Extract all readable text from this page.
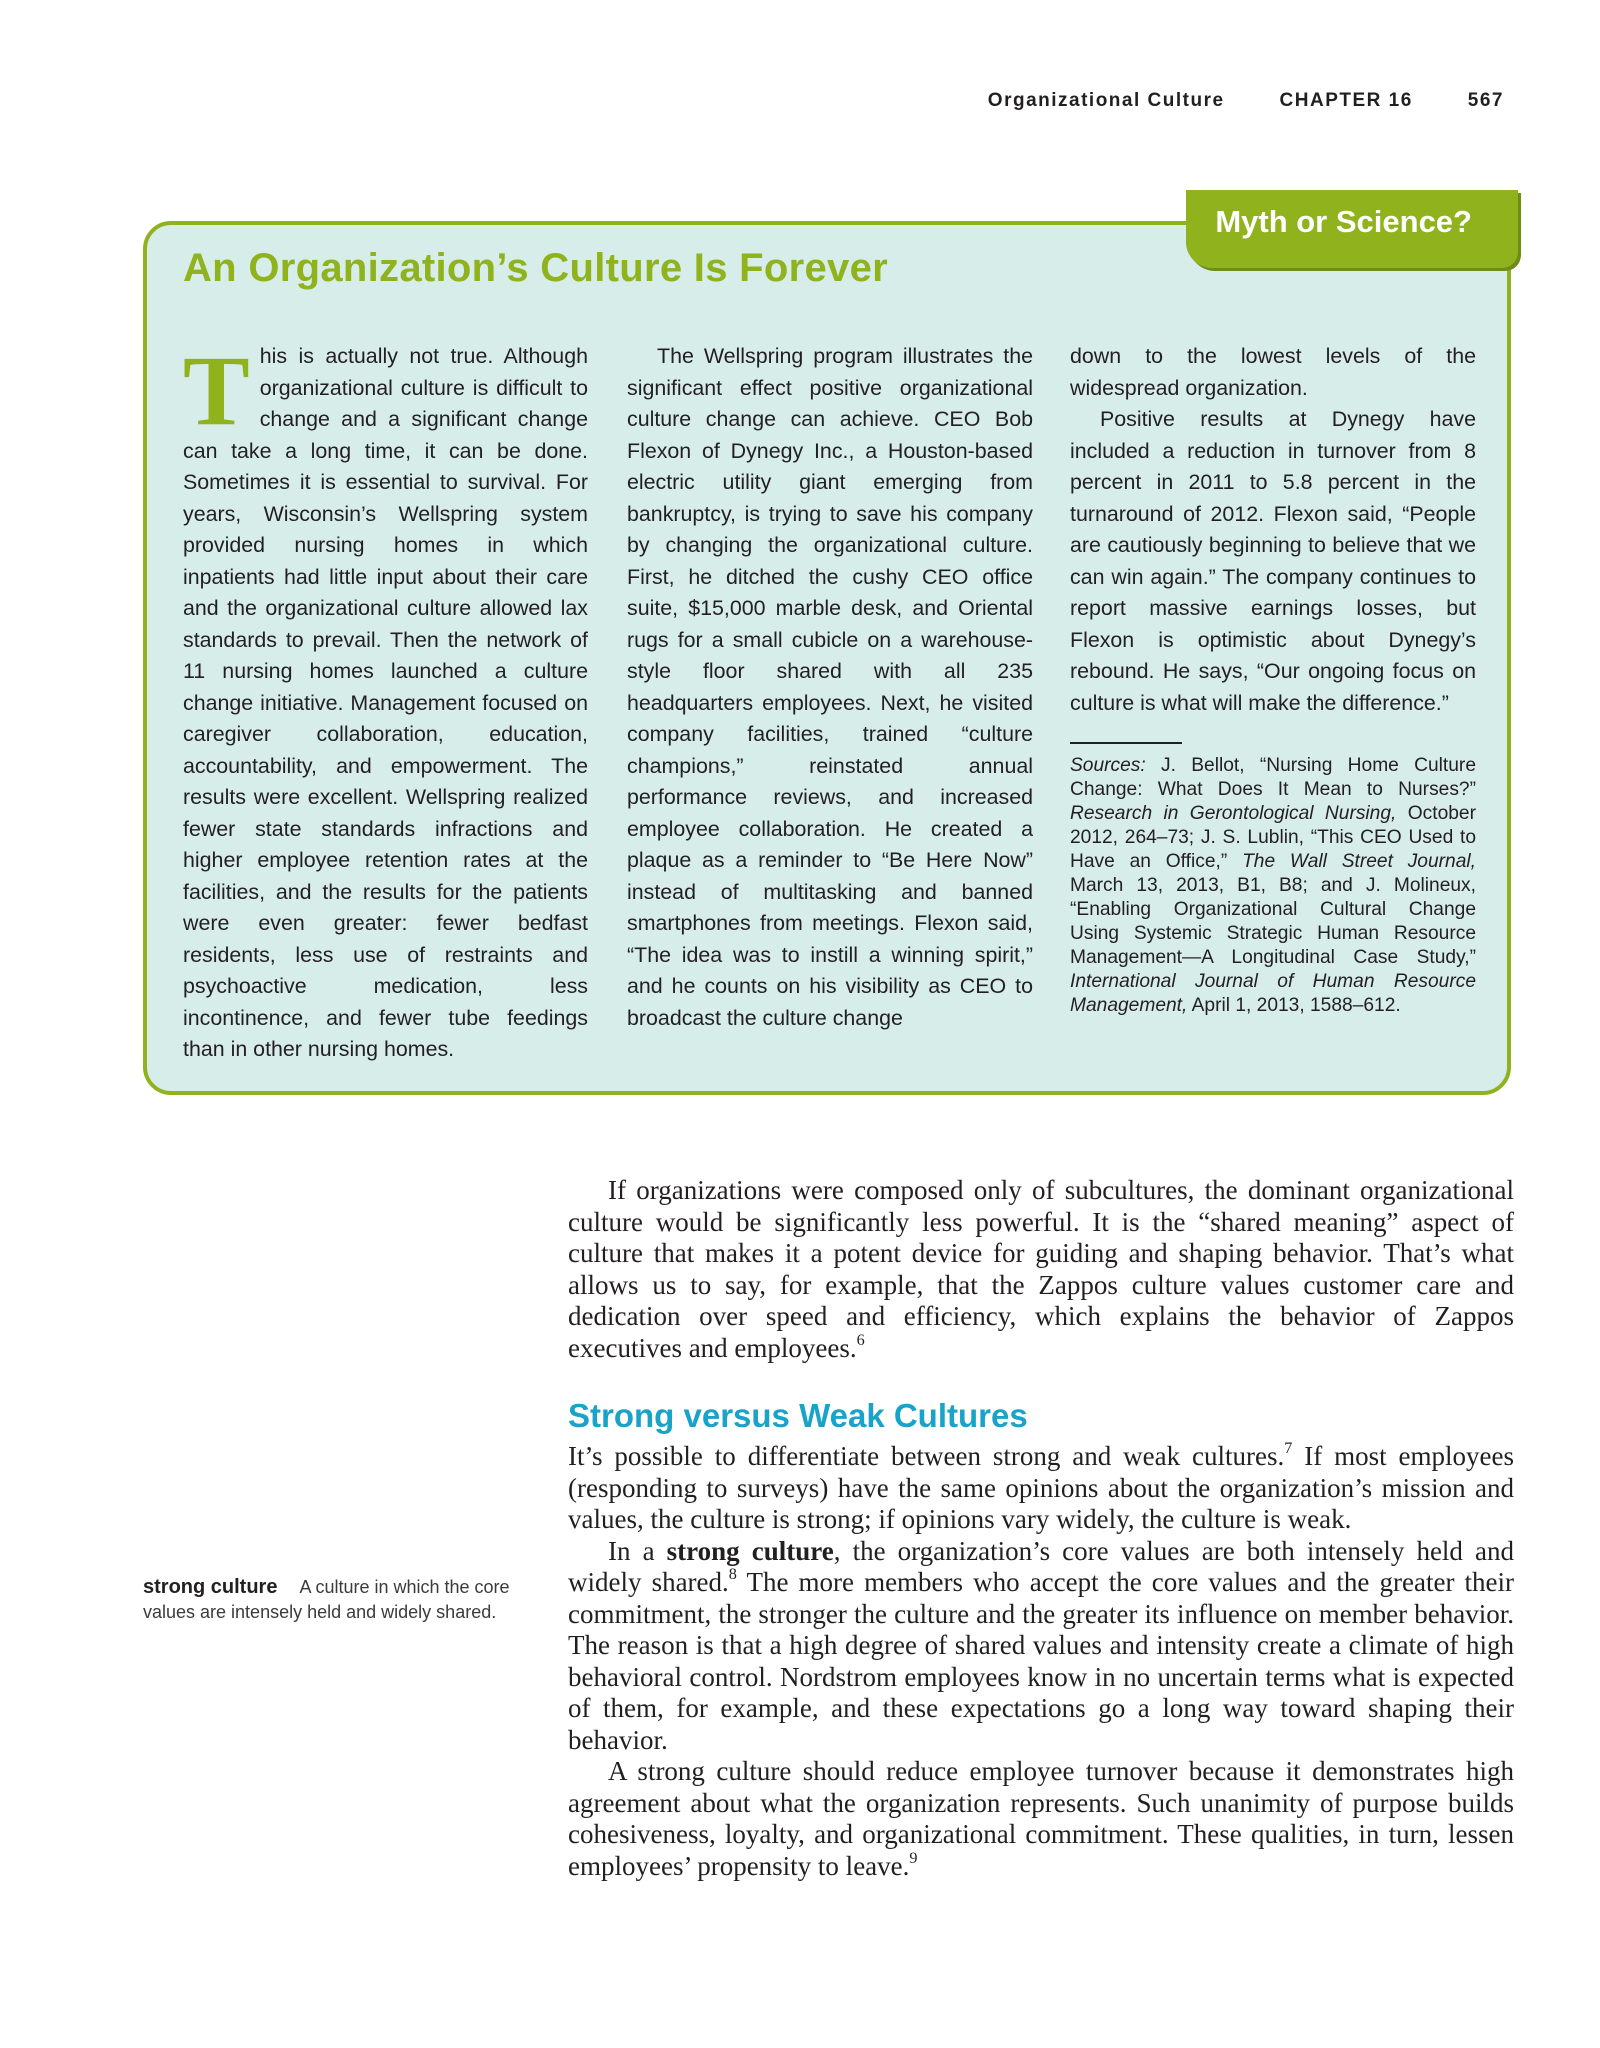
Organizational Culture	CHAPTER 16	567
Myth or Science?
An Organization’s Culture Is Forever

This is actually not true. Although organizational culture is difficult to change and a significant change can take a long time, it can be done. Sometimes it is essential to survival. For years, Wisconsin’s Wellspring system provided nursing homes in which inpatients had little input about their care and the organizational culture allowed lax standards to prevail. Then the network of 11 nursing homes launched a culture change initiative. Management focused on caregiver collaboration, education, accountability, and empowerment. The results were excellent. Wellspring realized fewer state standards infractions and higher employee retention rates at the facilities, and the results for the patients were even greater: fewer bedfast residents, less use of restraints and psychoactive medication, less incontinence, and fewer tube feedings than in other nursing homes.

The Wellspring program illustrates the significant effect positive organizational culture change can achieve. CEO Bob Flexon of Dynegy Inc., a Houston-based electric utility giant emerging from bankruptcy, is trying to save his company by changing the organizational culture. First, he ditched the cushy CEO office suite, $15,000 marble desk, and Oriental rugs for a small cubicle on a warehouse-style floor shared with all 235 headquarters employees. Next, he visited company facilities, trained “culture champions,” reinstated annual performance reviews, and increased employee collaboration. He created a plaque as a reminder to “Be Here Now” instead of multitasking and banned smartphones from meetings. Flexon said, “The idea was to instill a winning spirit,” and he counts on his visibility as CEO to broadcast the culture change

down to the lowest levels of the widespread organization.

Positive results at Dynegy have included a reduction in turnover from 8 percent in 2011 to 5.8 percent in the turnaround of 2012. Flexon said, “People are cautiously beginning to believe that we can win again.” The company continues to report massive earnings losses, but Flexon is optimistic about Dynegy’s rebound. He says, “Our ongoing focus on culture is what will make the difference.”

Sources: J. Bellot, “Nursing Home Culture Change: What Does It Mean to Nurses?” Research in Gerontological Nursing, October 2012, 264–73; J. S. Lublin, “This CEO Used to Have an Office,” The Wall Street Journal, March 13, 2013, B1, B8; and J. Molineux, “Enabling Organizational Cultural Change Using Systemic Strategic Human Resource Management—A Longitudinal Case Study,” International Journal of Human Resource Management, April 1, 2013, 1588–612.

If organizations were composed only of subcultures, the dominant organizational culture would be significantly less powerful. It is the “shared meaning” aspect of culture that makes it a potent device for guiding and shaping behavior. That’s what allows us to say, for example, that the Zappos culture values customer care and dedication over speed and efficiency, which explains the behavior of Zappos executives and employees.$^6$

Strong versus Weak Cultures

It’s possible to differentiate between strong and weak cultures.$^7$ If most employees (responding to surveys) have the same opinions about the organization’s mission and values, the culture is strong; if opinions vary widely, the culture is weak.

In a strong culture, the organization’s core values are both intensely held and widely shared.$^8$ The more members who accept the core values and the greater their commitment, the stronger the culture and the greater its influence on member behavior. The reason is that a high degree of shared values and intensity create a climate of high behavioral control. Nordstrom employees know in no uncertain terms what is expected of them, for example, and these expectations go a long way toward shaping their behavior.

A strong culture should reduce employee turnover because it demonstrates high agreement about what the organization represents. Such unanimity of purpose builds cohesiveness, loyalty, and organizational commitment. These qualities, in turn, lessen employees’ propensity to leave.$^9$

strong culture A culture in which the core values are intensely held and widely shared.
